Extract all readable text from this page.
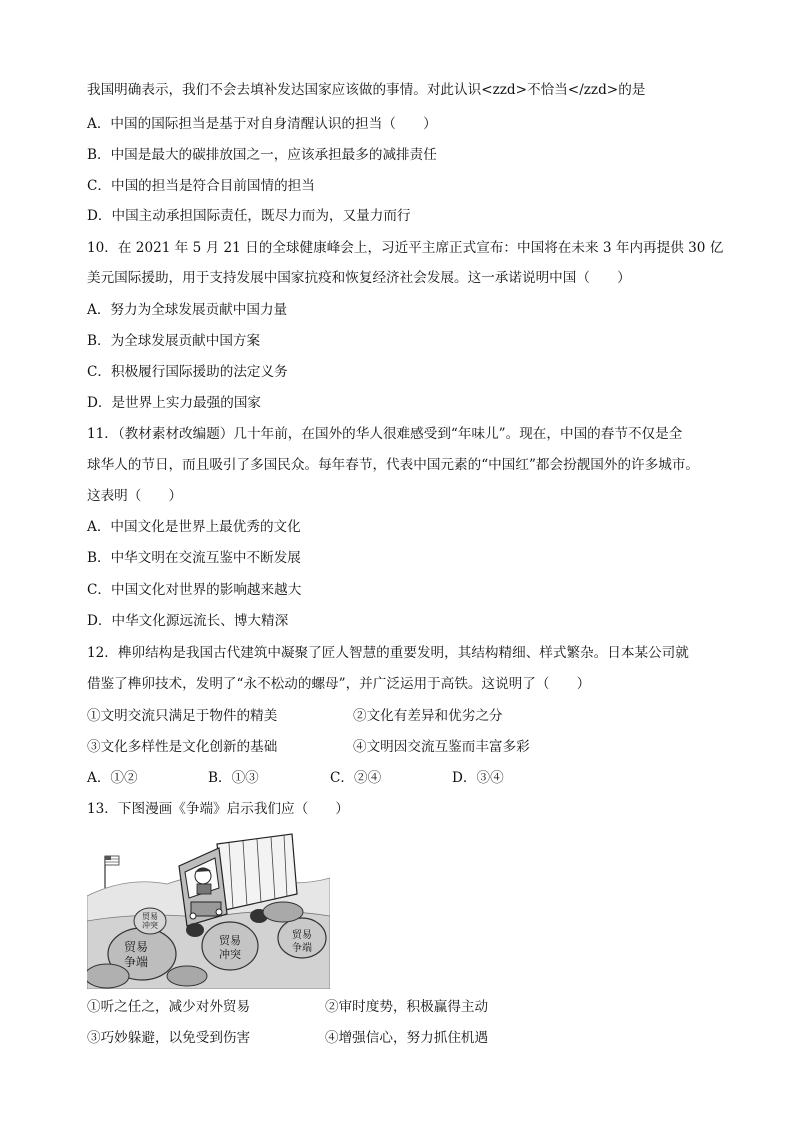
我国明确表示，我们不会去填补发达国家应该做的事情。对此认识<zzd>不恰当</zzd>的是
A．中国的国际担当是基于对自身清醒认识的担当（　　）
B．中国是最大的碳排放国之一，应该承担最多的减排责任
C．中国的担当是符合目前国情的担当
D．中国主动承担国际责任，既尽力而为，又量力而行
10．在 2021 年 5 月 21 日的全球健康峰会上，习近平主席正式宣布：中国将在未来 3 年内再提供 30 亿
美元国际援助，用于支持发展中国家抗疫和恢复经济社会发展。这一承诺说明中国（　　）
A．努力为全球发展贡献中国力量
B．为全球发展贡献中国方案
C．积极履行国际援助的法定义务
D．是世界上实力最强的国家
11．（教材素材改编题）几十年前，在国外的华人很难感受到“年味儿”。现在，中国的春节不仅是全
球华人的节日，而且吸引了多国民众。每年春节，代表中国元素的“中国红”都会扮靓国外的许多城市。
这表明（　　）
A．中国文化是世界上最优秀的文化
B．中华文明在交流互鉴中不断发展
C．中国文化对世界的影响越来越大
D．中华文化源远流长、博大精深
12．榫卯结构是我国古代建筑中凝聚了匠人智慧的重要发明，其结构精细、样式繁杂。日本某公司就
借鉴了榫卯技术，发明了“永不松动的螺母”，并广泛运用于高铁。这说明了（　　）
①文明交流只满足于物件的精美	②文化有差异和优劣之分
③文化多样性是文化创新的基础	④文明因交流互鉴而丰富多彩
A．①②	B．①③	C．②④	D．③④
13．下图漫画《争端》启示我们应（　　）
贸易冲突
贸易争端
贸易冲突
贸易争端
①听之任之，减少对外贸易	②审时度势，积极赢得主动
③巧妙躲避，以免受到伤害	④增强信心，努力抓住机遇
